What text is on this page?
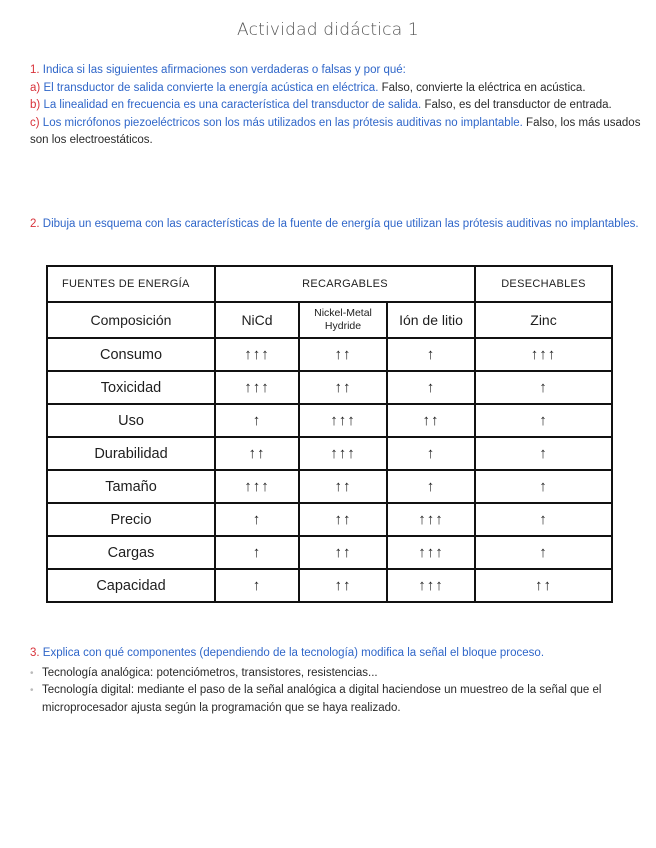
Actividad didáctica 1
1. Indica si las siguientes afirmaciones son verdaderas o falsas y por qué:
a) El transductor de salida convierte la energía acústica en eléctrica. Falso, convierte la eléctrica en acústica.
b) La linealidad en frecuencia es una característica del transductor de salida. Falso, es del transductor de entrada.
c) Los micrófonos piezoeléctricos son los más utilizados en las prótesis auditivas no implantable. Falso, los más usados son los electroestáticos.
2. Dibuja un esquema con las características de la fuente de energía que utilizan las prótesis auditivas no implantables.
FUENTES DE ENERGÍA	RECARGABLES			DESECHABLES
Composición	NiCd	Nickel-Metal Hydride	Ión de litio	Zinc
Consumo	↑↑↑	↑↑	↑	↑↑↑
Toxicidad	↑↑↑	↑↑	↑	↑
Uso	↑	↑↑↑	↑↑	↑
Durabilidad	↑↑	↑↑↑	↑	↑
Tamaño	↑↑↑	↑↑	↑	↑
Precio	↑	↑↑	↑↑↑	↑
Cargas	↑	↑↑	↑↑↑	↑
Capacidad	↑	↑↑	↑↑↑	↑↑
3. Explica con qué componentes (dependiendo de la tecnología) modifica la señal el bloque proceso.
• Tecnología analógica: potenciómetros, transistores, resistencias...
• Tecnología digital: mediante el paso de la señal analógica a digital haciendose un muestreo de la señal que el microprocesador ajusta según la programación que se haya realizado.
